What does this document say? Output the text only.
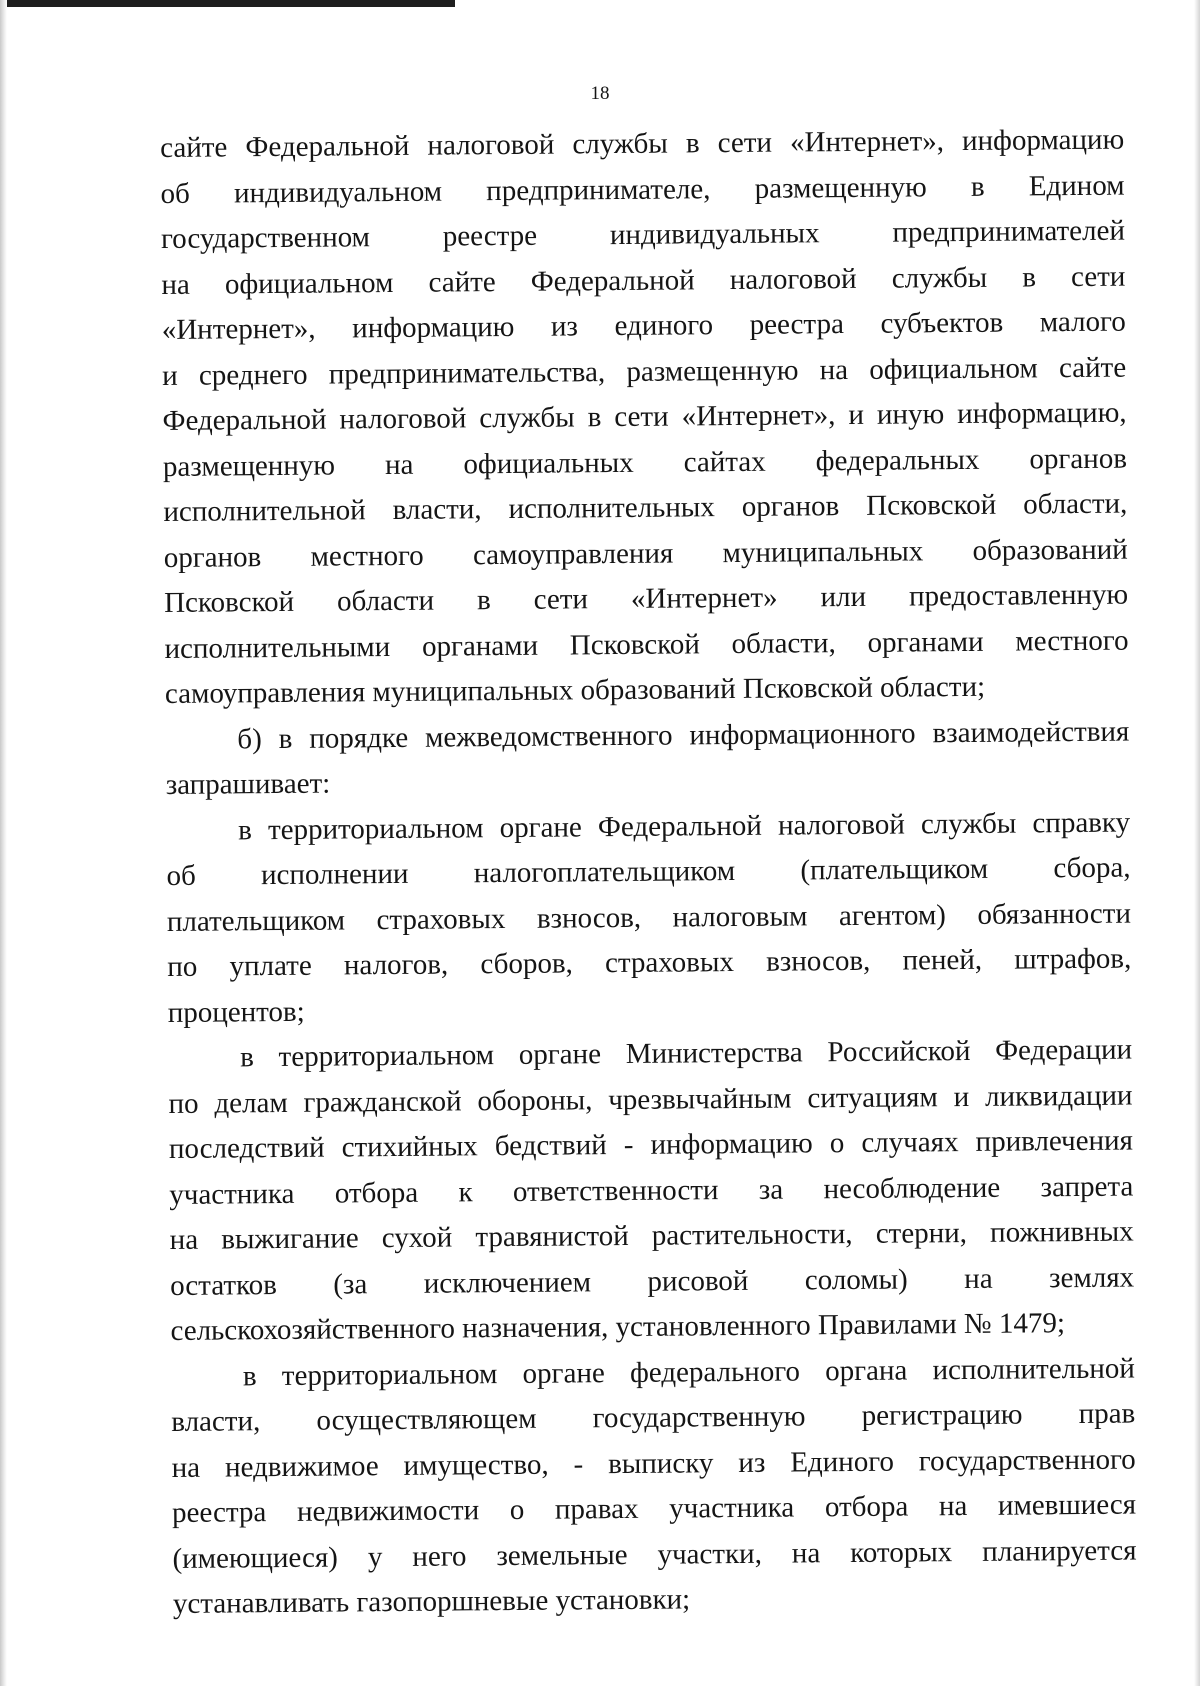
18
сайте Федеральной налоговой службы в сети «Интернет», информацию
об индивидуальном предпринимателе, размещенную в Едином
государственном реестре индивидуальных предпринимателей
на официальном сайте Федеральной налоговой службы в сети
«Интернет», информацию из единого реестра субъектов малого
и среднего предпринимательства, размещенную на официальном сайте
Федеральной налоговой службы в сети «Интернет», и иную информацию,
размещенную на официальных сайтах федеральных органов
исполнительной власти, исполнительных органов Псковской области,
органов местного самоуправления муниципальных образований
Псковской области в сети «Интернет» или предоставленную
исполнительными органами Псковской области, органами местного
самоуправления муниципальных образований Псковской области;
б) в порядке межведомственного информационного взаимодействия
запрашивает:
в территориальном органе Федеральной налоговой службы справку
об исполнении налогоплательщиком (плательщиком сбора,
плательщиком страховых взносов, налоговым агентом) обязанности
по уплате налогов, сборов, страховых взносов, пеней, штрафов,
процентов;
в территориальном органе Министерства Российской Федерации
по делам гражданской обороны, чрезвычайным ситуациям и ликвидации
последствий стихийных бедствий - информацию о случаях привлечения
участника отбора к ответственности за несоблюдение запрета
на выжигание сухой травянистой растительности, стерни, пожнивных
остатков (за исключением рисовой соломы) на землях
сельскохозяйственного назначения, установленного Правилами № 1479;
в территориальном органе федерального органа исполнительной
власти, осуществляющем государственную регистрацию прав
на недвижимое имущество, - выписку из Единого государственного
реестра недвижимости о правах участника отбора на имевшиеся
(имеющиеся) у него земельные участки, на которых планируется
устанавливать газопоршневые установки;
